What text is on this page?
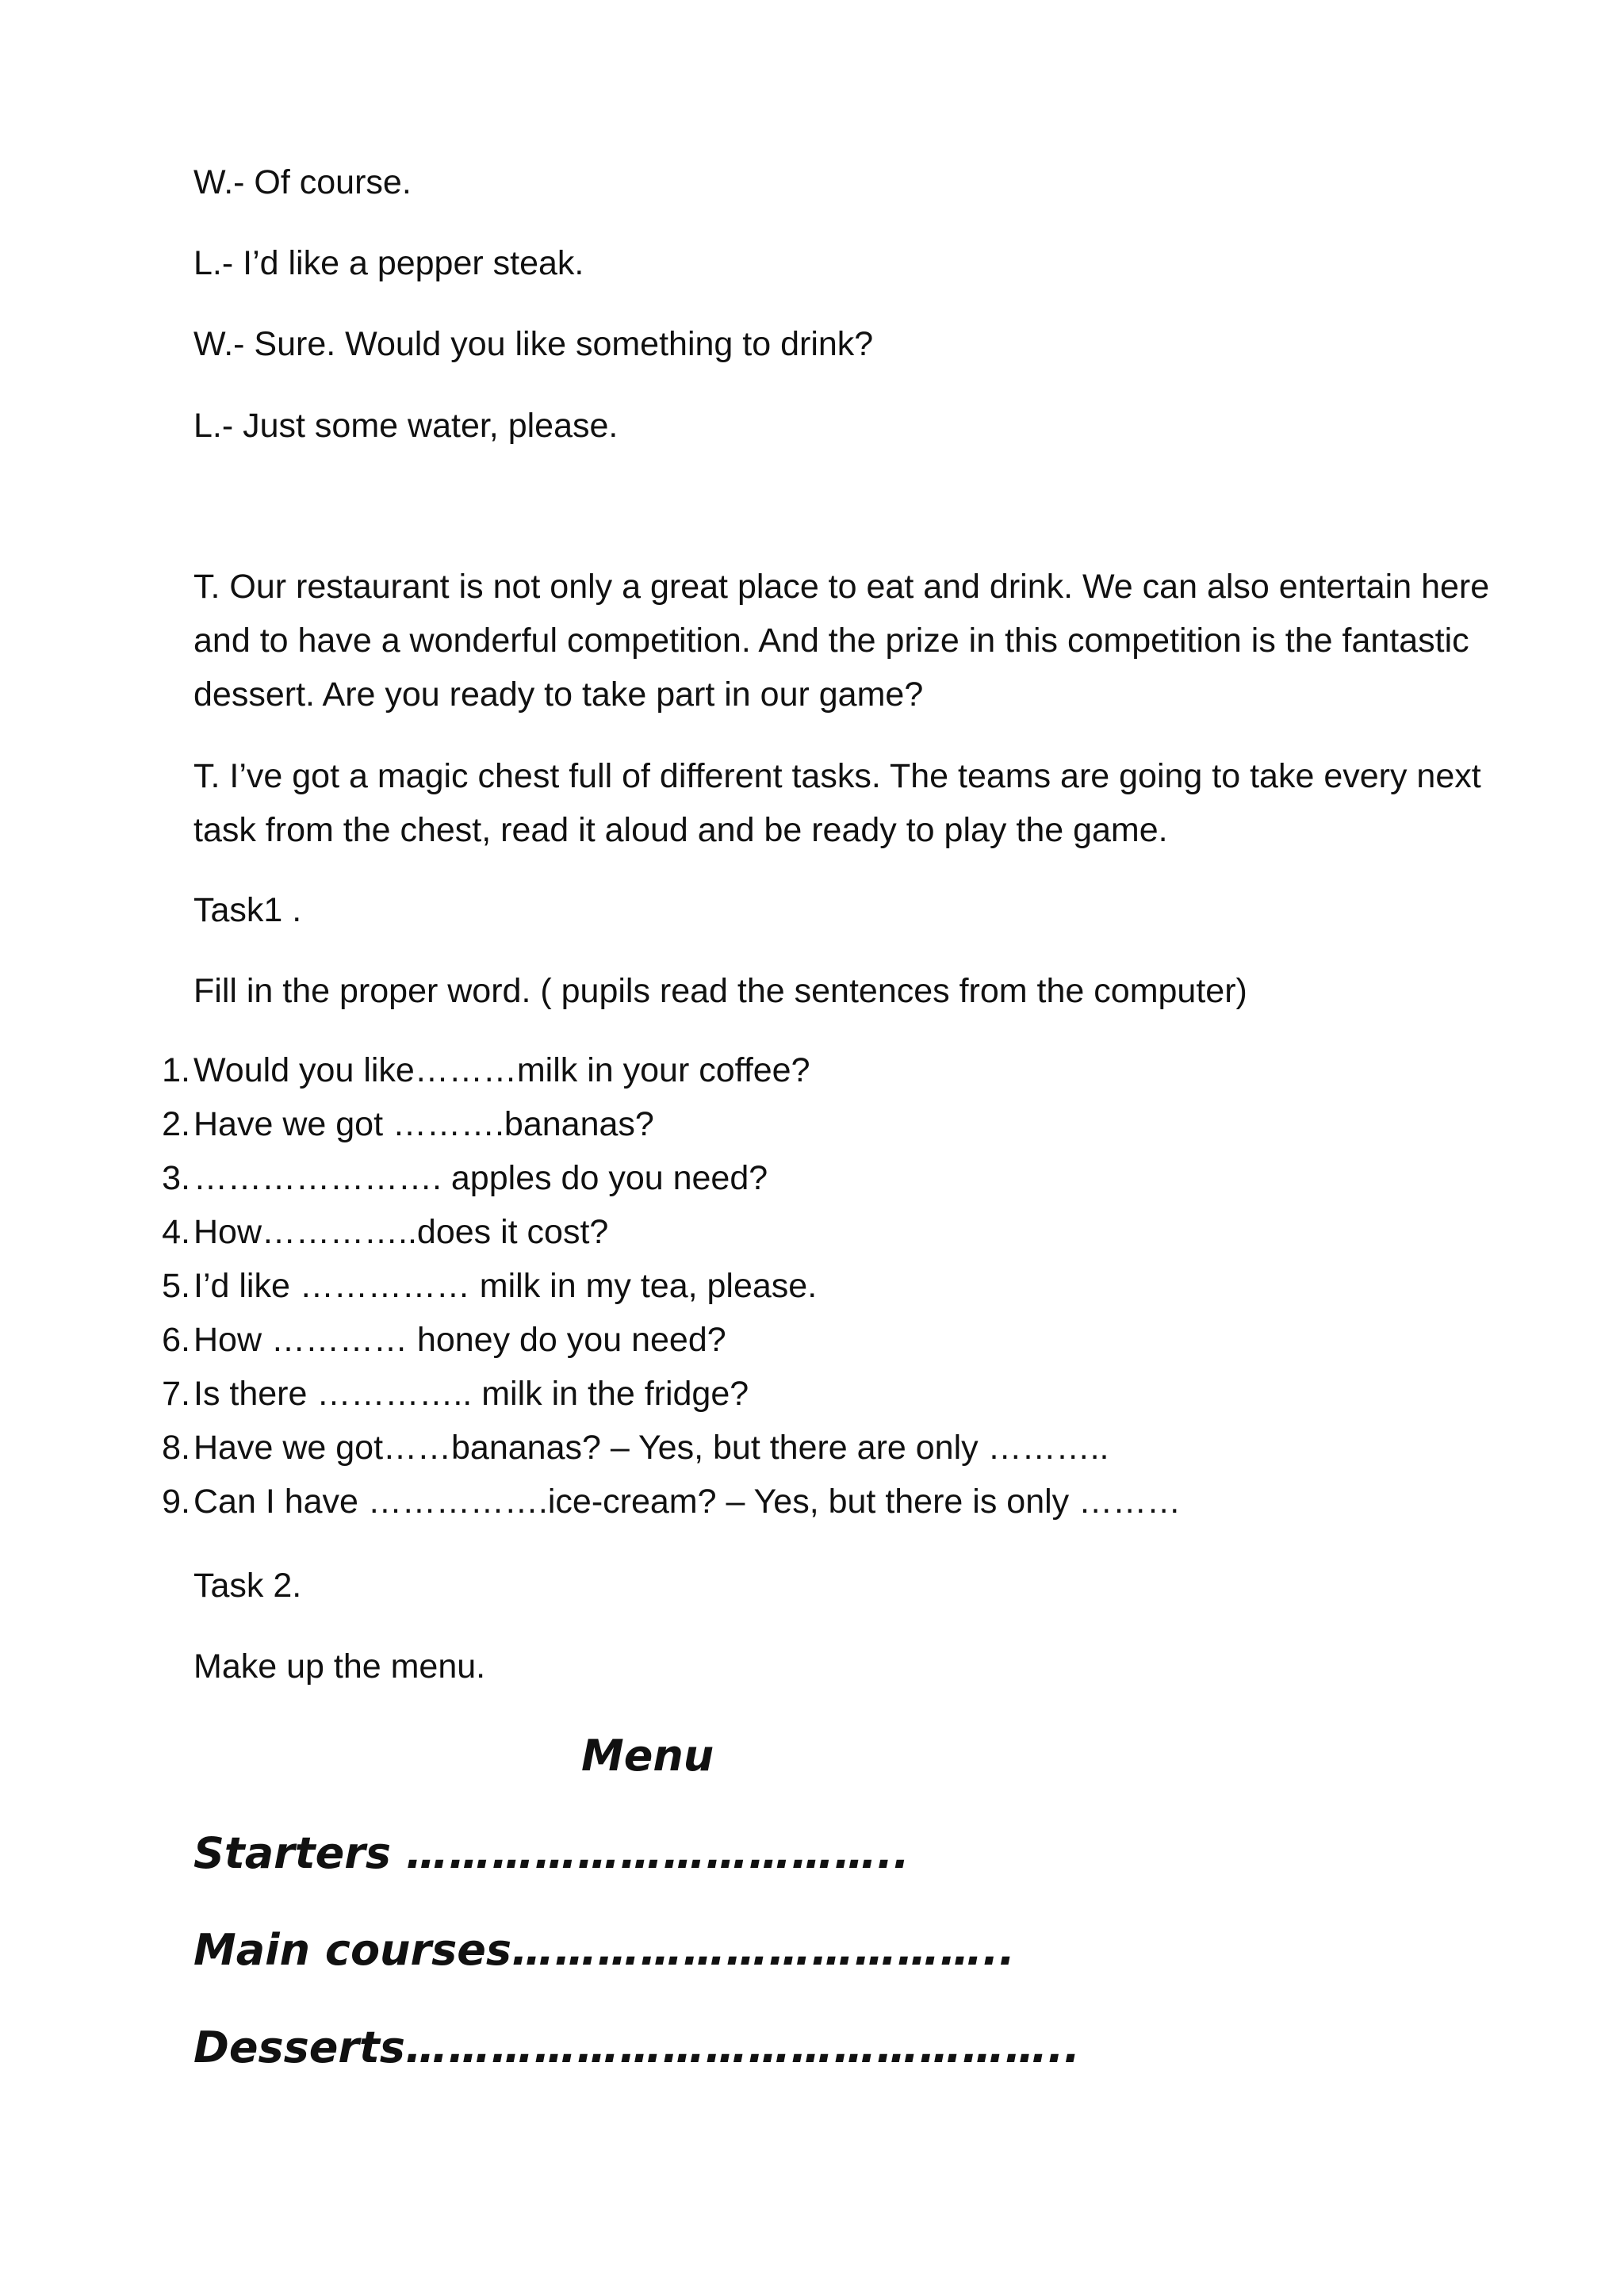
W.- Of course.
L.- I’d like a pepper steak.
W.- Sure. Would you like something to drink?
L.- Just some water, please.
T. Our restaurant is not only a great place to eat and drink. We can also entertain here and to have a wonderful competition. And the prize in this competition is the fantastic dessert. Are you ready to take part in our game?
T. I’ve got a magic chest full of different tasks. The teams are going to take every next task from the chest, read it aloud and be ready to play the game.
Task1 .
Fill in the proper word. ( pupils read the sentences from the computer)
1. Would you like………milk in your coffee?
2. Have we got ……….bananas?
3. …………………. apples do you need?
4. How…………..does it cost?
5. I’d like …………… milk in my tea, please.
6. How ………… honey do you need?
7. Is there ………….. milk in the fridge?
8. Have we got……bananas? – Yes, but there are only ………..
9. Can I have …………….ice-cream? – Yes, but there is only ………
Task 2.
Make up the menu.
Menu
Starters ……………………………..
Main courses……………………………..
Desserts………………………………………..
